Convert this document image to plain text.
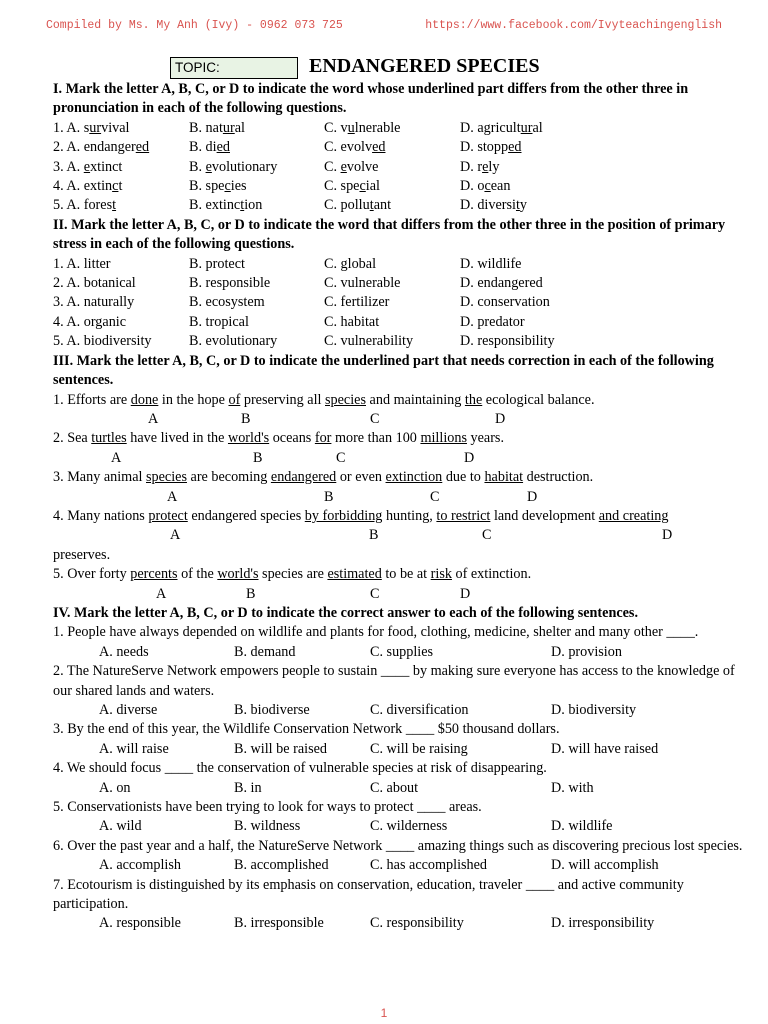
Compiled by Ms. My Anh (Ivy) - 0962 073 725	https://www.facebook.com/Ivyteachingenglish
TOPIC:	ENDANGERED SPECIES
I. Mark the letter A, B, C, or D to indicate the word whose underlined part differs from the other three in pronunciation in each of the following questions.
1. A. survival	B. natural	C. vulnerable	D. agricultural
2. A. endangered	B. died	C. evolved	D. stopped
3. A. extinct	B. evolutionary	C. evolve	D. rely
4. A. extinct	B. species	C. special	D. ocean
5. A. forest	B. extinction	C. pollutant	D. diversity
II. Mark the letter A, B, C, or D to indicate the word that differs from the other three in the position of primary stress in each of the following questions.
1. A. litter	B. protect	C. global	D. wildlife
2. A. botanical	B. responsible	C. vulnerable	D. endangered
3. A. naturally	B. ecosystem	C. fertilizer	D. conservation
4. A. organic	B. tropical	C. habitat	D. predator
5. A. biodiversity	B. evolutionary	C. vulnerability	D. responsibility
III. Mark the letter A, B, C, or D to indicate the underlined part that needs correction in each of the following sentences.
1. Efforts are done in the hope of preserving all species and maintaining the ecological balance.
A	B	C	D
2. Sea turtles have lived in the world's oceans for more than 100 millions years.
A	B	C	D
3. Many animal species are becoming endangered or even extinction due to habitat destruction.
A	B	C	D
4. Many nations protect endangered species by forbidding hunting, to restrict land development and creating
A	B	C	D
preserves.
5. Over forty percents of the world's species are estimated to be at risk of extinction.
A	B	C	D
IV. Mark the letter A, B, C, or D to indicate the correct answer to each of the following sentences.
1. People have always depended on wildlife and plants for food, clothing, medicine, shelter and many other ____.
A. needs	B. demand	C. supplies	D. provision
2. The NatureServe Network empowers people to sustain ____ by making sure everyone has access to the knowledge of our shared lands and waters.
A. diverse	B. biodiverse	C. diversification	D. biodiversity
3. By the end of this year, the Wildlife Conservation Network ____ $50 thousand dollars.
A. will raise	B. will be raised	C. will be raising	D. will have raised
4. We should focus ____ the conservation of vulnerable species at risk of disappearing.
A. on	B. in	C. about	D. with
5. Conservationists have been trying to look for ways to protect ____ areas.
A. wild	B. wildness	C. wilderness	D. wildlife
6. Over the past year and a half, the NatureServe Network ____ amazing things such as discovering precious lost species.
A. accomplish	B. accomplished	C. has accomplished	D. will accomplish
7. Ecotourism is distinguished by its emphasis on conservation, education, traveler ____ and active community participation.
A. responsible	B. irresponsible	C. responsibility	D. irresponsibility
1
